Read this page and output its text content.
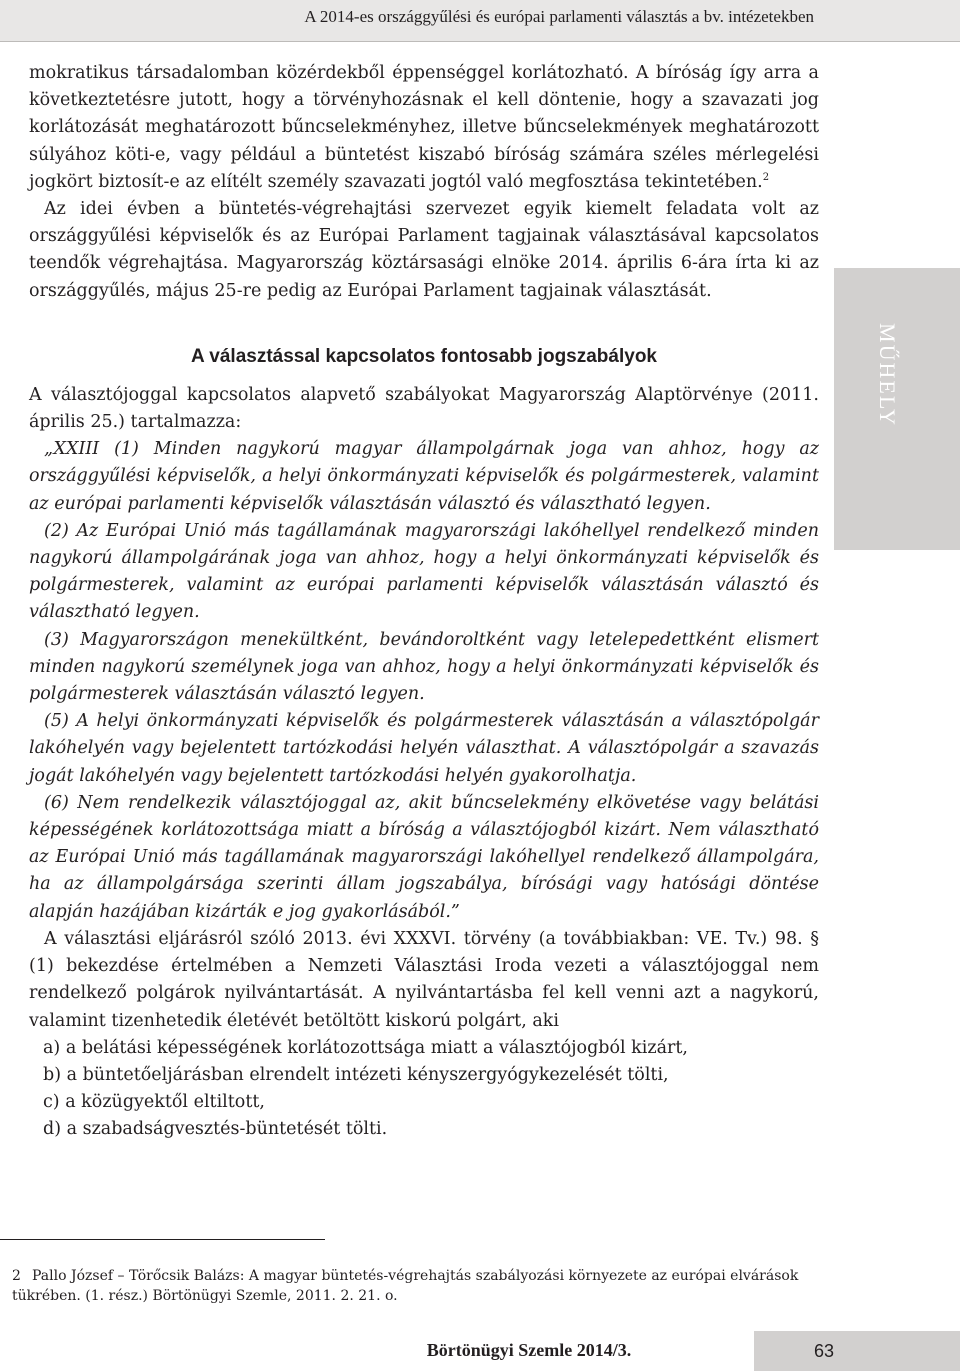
A 2014-es országgyűlési és európai parlamenti választás a bv. intézetekben

mokratikus társadalomban közérdekből éppenséggel korlátozható. A bíróság így arra a következtetésre jutott, hogy a törvényhozásnak el kell döntenie, hogy a szavazati jog korlátozását meghatározott bűncselekményhez, illetve bűncselekmények meghatározott súlyához köti-e, vagy például a büntetést kiszabó bíróság számára széles mérlegelési jogkört biztosít-e az elítélt személy szavazati jogtól való megfosztása tekintetében.$^2$

Az idei évben a büntetés-végrehajtási szervezet egyik kiemelt feladata volt az országgyűlési képviselők és az Európai Parlament tagjainak választásával kapcsolatos teendők végrehajtása. Magyarország köztársasági elnöke 2014. április 6-ára írta ki az országgyűlés, május 25-re pedig az Európai Parlament tagjainak választását.

A választással kapcsolatos fontosabb jogszabályok

A választójoggal kapcsolatos alapvető szabályokat Magyarország Alaptörvénye (2011. április 25.) tartalmazza:

„XXIII (1) Minden nagykorú magyar állampolgárnak joga van ahhoz, hogy az országgyűlési képviselők, a helyi önkormányzati képviselők és polgármesterek, valamint az európai parlamenti képviselők választásán választó és választható legyen.

(2) Az Európai Unió más tagállamának magyarországi lakóhellyel rendelkező minden nagykorú állampolgárának joga van ahhoz, hogy a helyi önkormányzati képviselők és polgármesterek, valamint az európai parlamenti képviselők választásán választó és választható legyen.

(3) Magyarországon menekültként, bevándoroltként vagy letelepedettként elismert minden nagykorú személynek joga van ahhoz, hogy a helyi önkormányzati képviselők és polgármesterek választásán választó legyen.

(5) A helyi önkormányzati képviselők és polgármesterek választásán a választópolgár lakóhelyén vagy bejelentett tartózkodási helyén választhat. A választópolgár a szavazás jogát lakóhelyén vagy bejelentett tartózkodási helyén gyakorolhatja.

(6) Nem rendelkezik választójoggal az, akit bűncselekmény elkövetése vagy belátási képességének korlátozottsága miatt a bíróság a választójogból kizárt. Nem választható az Európai Unió más tagállamának magyarországi lakóhellyel rendelkező állampolgára, ha az állampolgársága szerinti állam jogszabálya, bírósági vagy hatósági döntése alapján hazájában kizárták e jog gyakorlásából.”

A választási eljárásról szóló 2013. évi XXXVI. törvény (a továbbiakban: VE. Tv.) 98. § (1) bekezdése értelmében a Nemzeti Választási Iroda vezeti a választójoggal nem rendelkező polgárok nyilvántartását. A nyilvántartásba fel kell venni azt a nagykorú, valamint tizenhetedik életévét betöltött kiskorú polgárt, aki

a) a belátási képességének korlátozottsága miatt a választójogból kizárt,

b) a büntetőeljárásban elrendelt intézeti kényszergyógykezelését tölti,

c) a közügyektől eltiltott,

d) a szabadságvesztés-büntetését tölti.

2 Pallo József – Törőcsik Balázs: A magyar büntetés-végrehajtás szabályozási környezete az európai elvárások tükrében. (1. rész.) Börtönügyi Szemle, 2011. 2. 21. o.
MŰHELY
Börtönügyi Szemle 2014/3.	63
